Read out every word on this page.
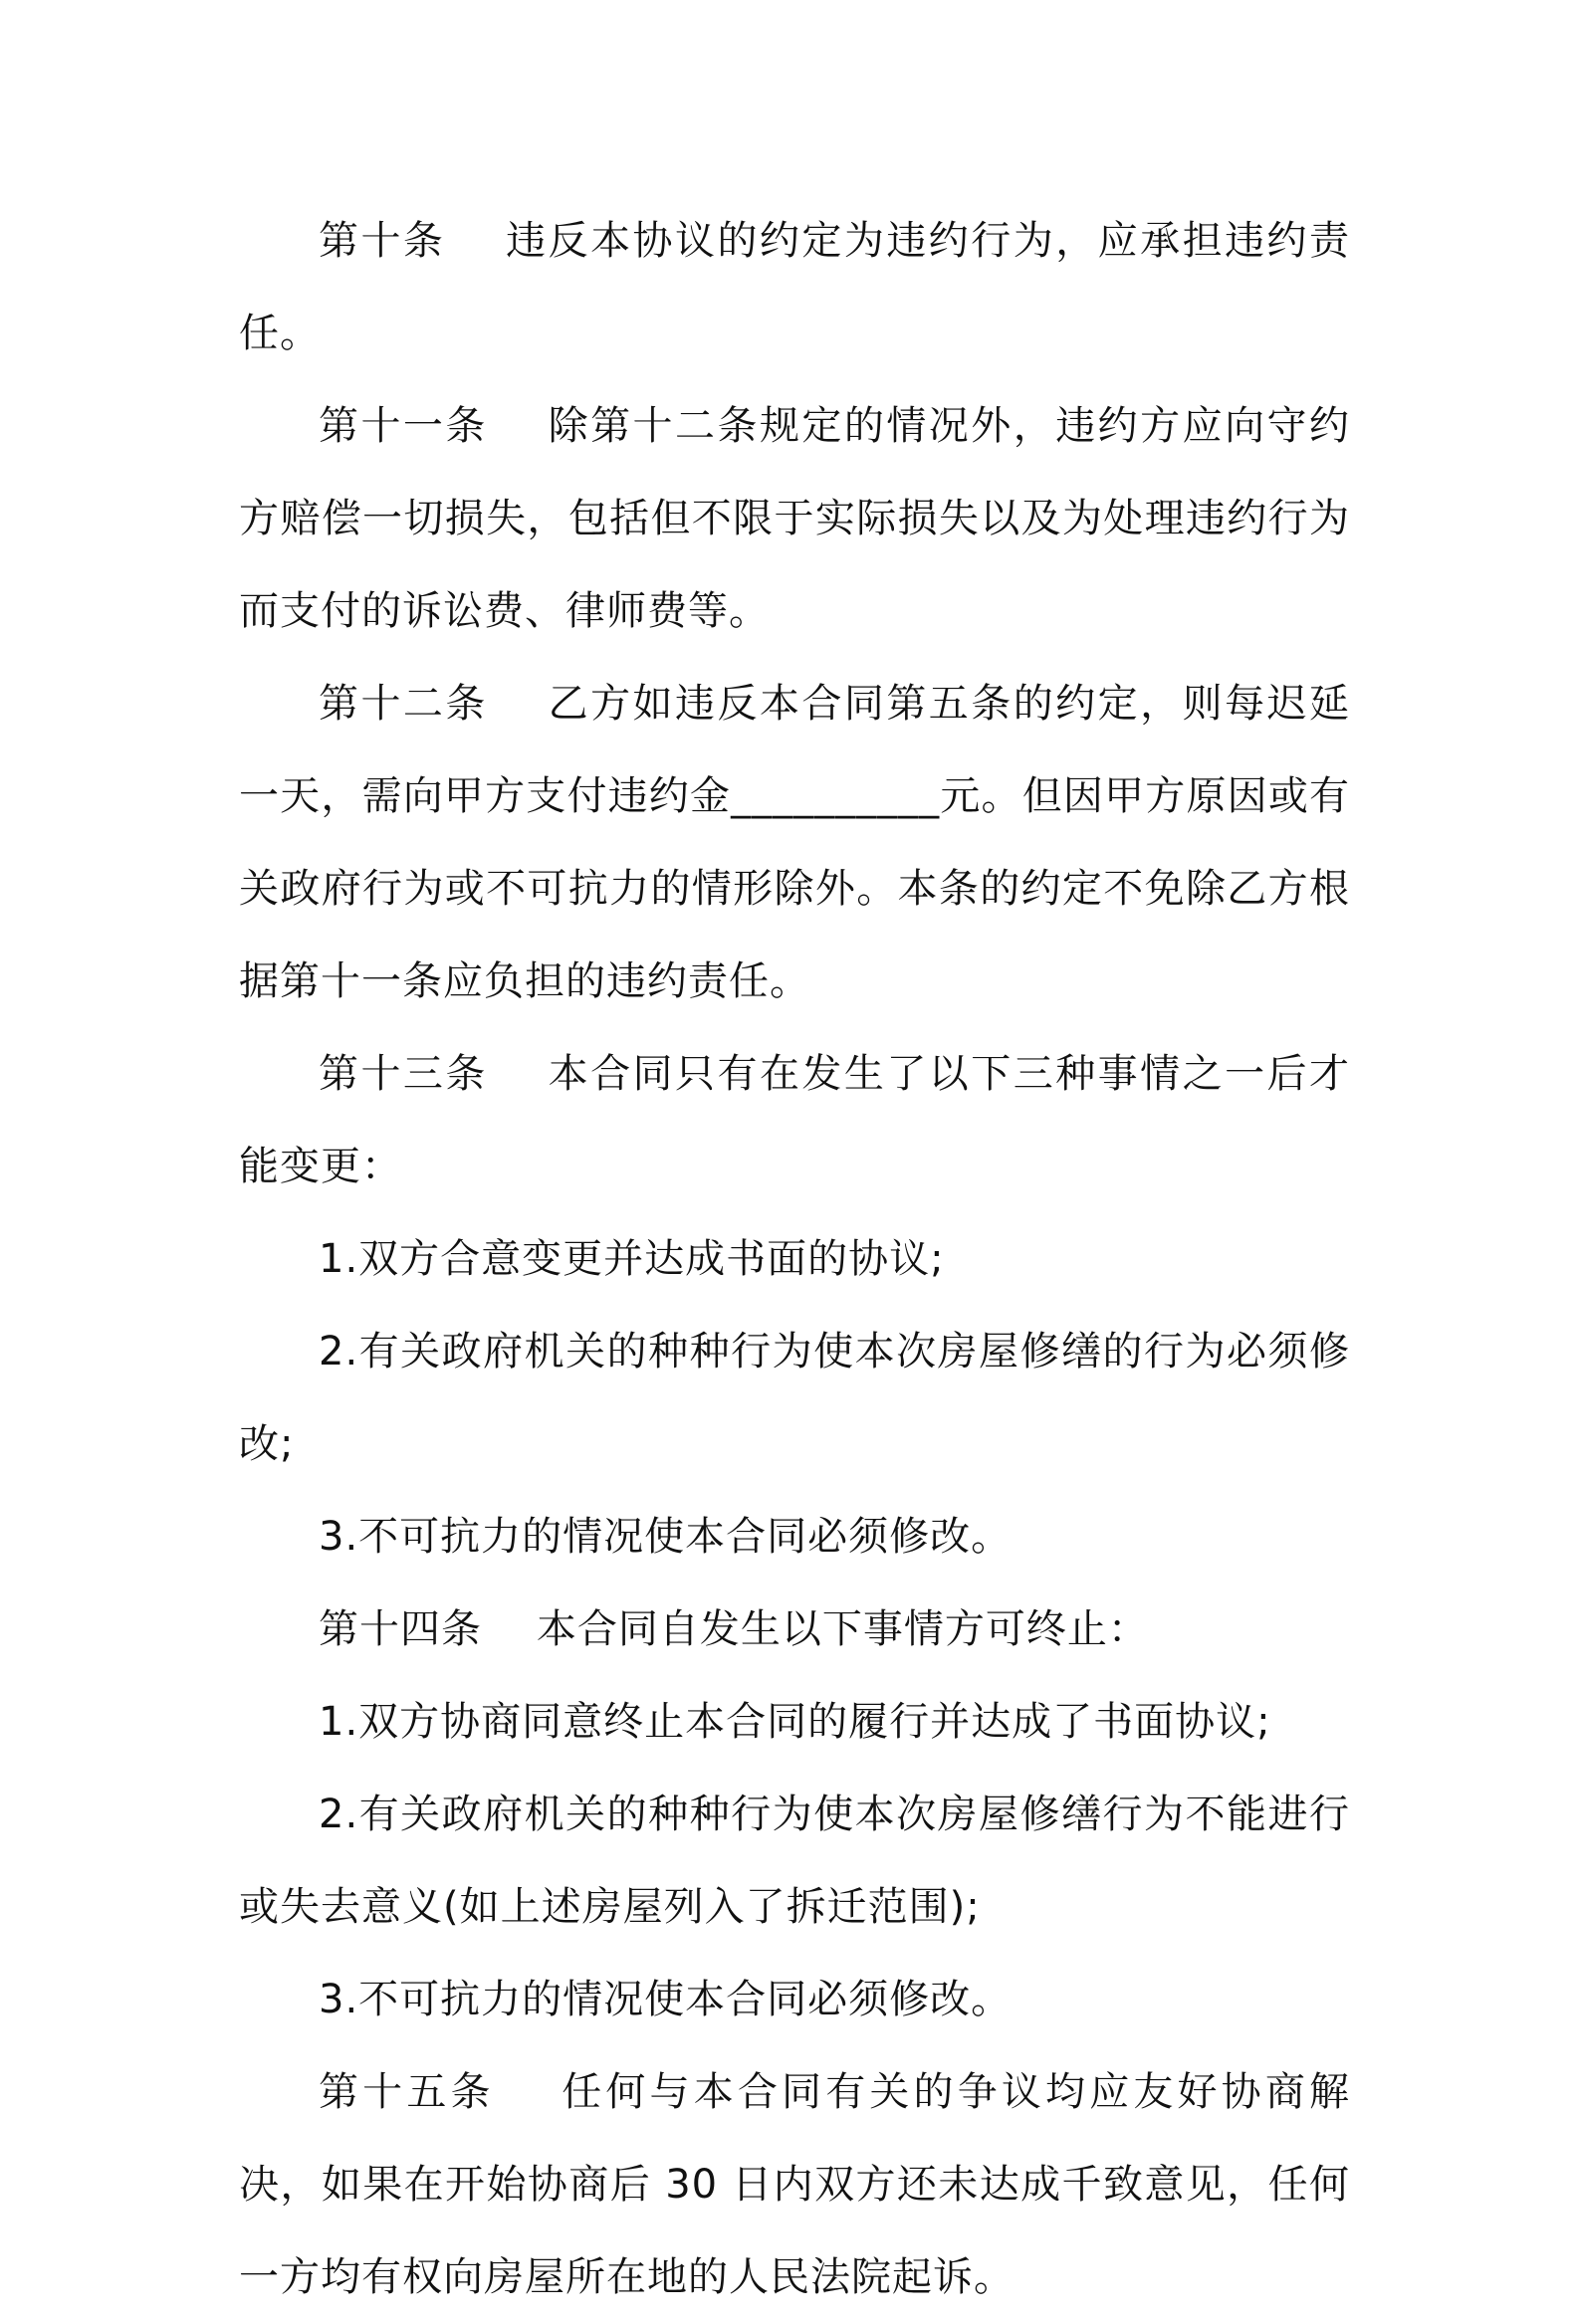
第十条 违反本协议的约定为违约行为，应承担违约责任。

第十一条 除第十二条规定的情况外，违约方应向守约方赔偿一切损失，包括但不限于实际损失以及为处理违约行为而支付的诉讼费、律师费等。

第十二条 乙方如违反本合同第五条的约定，则每迟延一天，需向甲方支付违约金__________元。但因甲方原因或有关政府行为或不可抗力的情形除外。本条的约定不免除乙方根据第十一条应负担的违约责任。

第十三条 本合同只有在发生了以下三种事情之一后才能变更：

1.双方合意变更并达成书面的协议;

2.有关政府机关的种种行为使本次房屋修缮的行为必须修改;

3.不可抗力的情况使本合同必须修改。

第十四条 本合同自发生以下事情方可终止：

1.双方协商同意终止本合同的履行并达成了书面协议;

2.有关政府机关的种种行为使本次房屋修缮行为不能进行或失去意义(如上述房屋列入了拆迁范围);

3.不可抗力的情况使本合同必须修改。

第十五条 任何与本合同有关的争议均应友好协商解决，如果在开始协商后 30 日内双方还未达成千致意见，任何一方均有权向房屋所在地的人民法院起诉。
